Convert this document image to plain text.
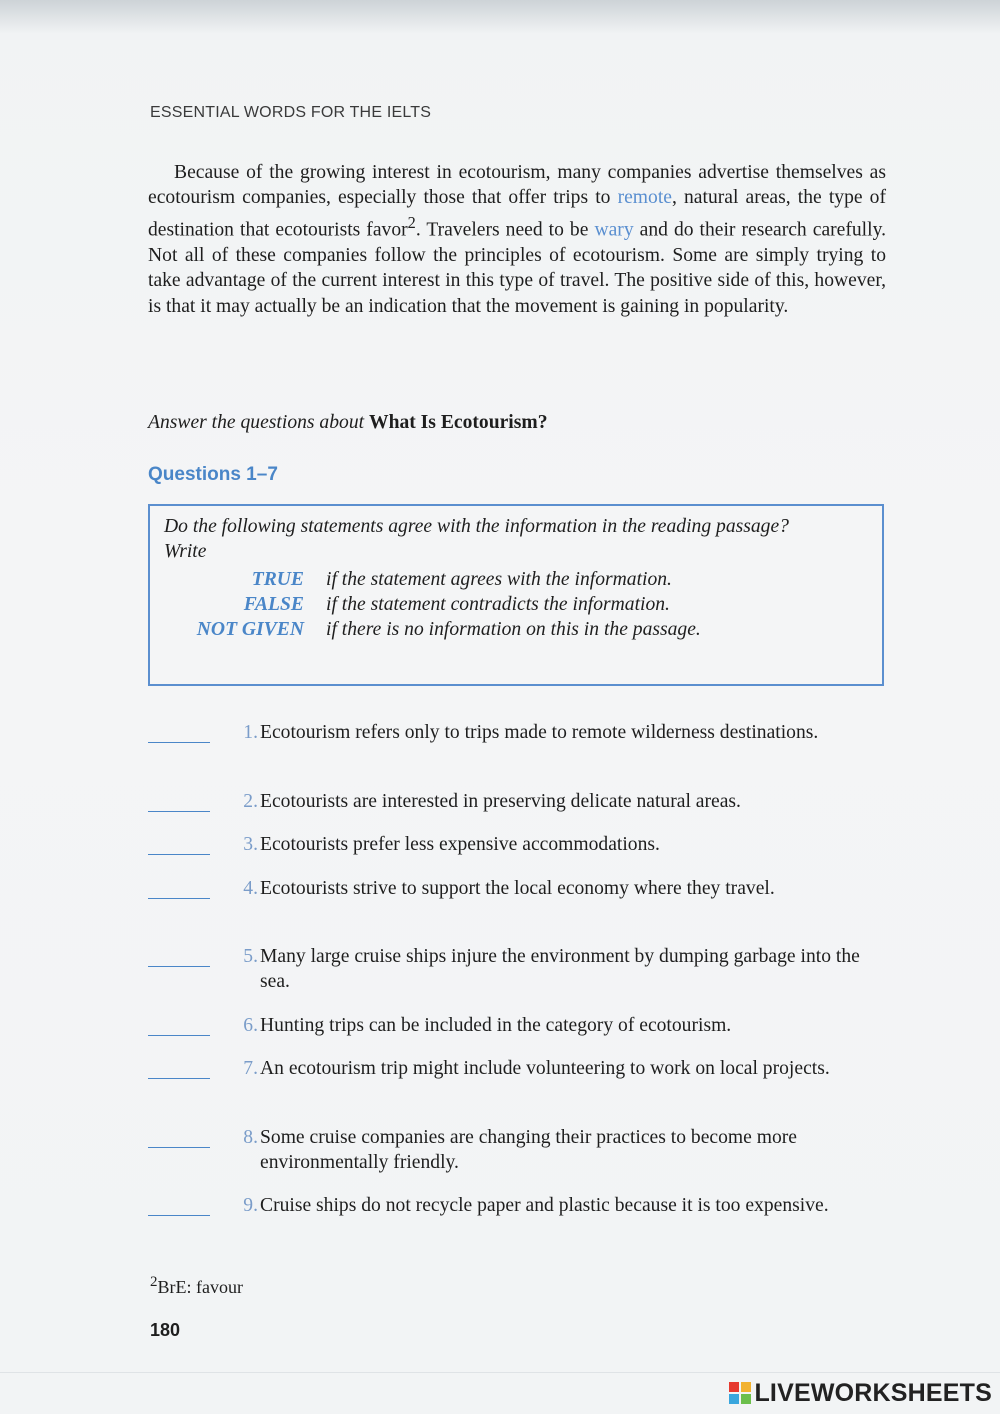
ESSENTIAL WORDS FOR THE IELTS

Because of the growing interest in ecotourism, many companies advertise themselves as ecotourism companies, especially those that offer trips to remote, natural areas, the type of destination that ecotourists favor$^2$. Travelers need to be wary and do their research carefully. Not all of these companies follow the principles of ecotourism. Some are simply trying to take advantage of the current interest in this type of travel. The positive side of this, however, is that it may actually be an indication that the movement is gaining in popularity.

Answer the questions about What Is Ecotourism?
Questions 1–7

Do the following statements agree with the information in the reading passage?

Write

TRUE	if the statement agrees with the information.
FALSE	if the statement contradicts the information.
NOT GIVEN	if there is no information on this in the passage.
1. Ecotourism refers only to trips made to remote wilderness destinations.
2. Ecotourists are interested in preserving delicate natural areas.
3. Ecotourists prefer less expensive accommodations.
4. Ecotourists strive to support the local economy where they travel.
5. Many large cruise ships injure the environment by dumping garbage into the sea.
6. Hunting trips can be included in the category of ecotourism.
7. An ecotourism trip might include volunteering to work on local projects.
8. Some cruise companies are changing their practices to become more environmentally friendly.
9. Cruise ships do not recycle paper and plastic because it is too expensive.
$^2$BrE: favour
180
LIVEWORKSHEETS
